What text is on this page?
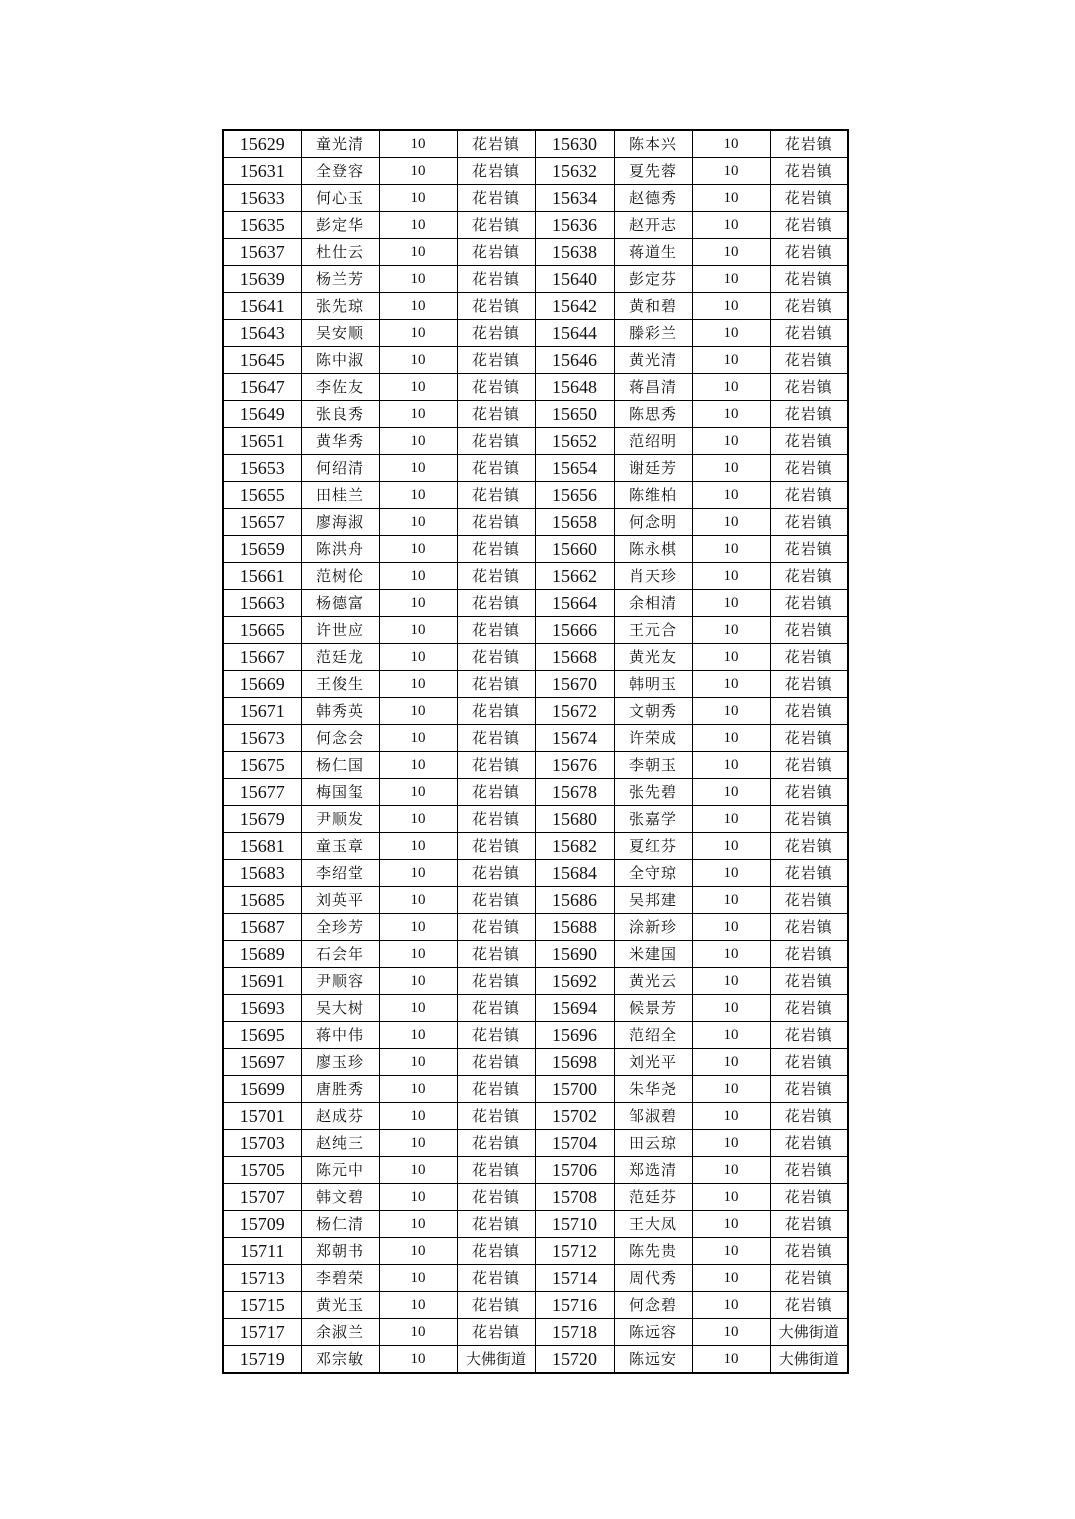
15629	童光清	10	花岩镇	15630	陈本兴	10	花岩镇
15631	全登容	10	花岩镇	15632	夏先蓉	10	花岩镇
15633	何心玉	10	花岩镇	15634	赵德秀	10	花岩镇
15635	彭定华	10	花岩镇	15636	赵开志	10	花岩镇
15637	杜仕云	10	花岩镇	15638	蒋道生	10	花岩镇
15639	杨兰芳	10	花岩镇	15640	彭定芬	10	花岩镇
15641	张先琼	10	花岩镇	15642	黄和碧	10	花岩镇
15643	吴安顺	10	花岩镇	15644	滕彩兰	10	花岩镇
15645	陈中淑	10	花岩镇	15646	黄光清	10	花岩镇
15647	李佐友	10	花岩镇	15648	蒋昌清	10	花岩镇
15649	张良秀	10	花岩镇	15650	陈思秀	10	花岩镇
15651	黄华秀	10	花岩镇	15652	范绍明	10	花岩镇
15653	何绍清	10	花岩镇	15654	谢廷芳	10	花岩镇
15655	田桂兰	10	花岩镇	15656	陈维柏	10	花岩镇
15657	廖海淑	10	花岩镇	15658	何念明	10	花岩镇
15659	陈洪舟	10	花岩镇	15660	陈永棋	10	花岩镇
15661	范树伦	10	花岩镇	15662	肖天珍	10	花岩镇
15663	杨德富	10	花岩镇	15664	余相清	10	花岩镇
15665	许世应	10	花岩镇	15666	王元合	10	花岩镇
15667	范廷龙	10	花岩镇	15668	黄光友	10	花岩镇
15669	王俊生	10	花岩镇	15670	韩明玉	10	花岩镇
15671	韩秀英	10	花岩镇	15672	文朝秀	10	花岩镇
15673	何念会	10	花岩镇	15674	许荣成	10	花岩镇
15675	杨仁国	10	花岩镇	15676	李朝玉	10	花岩镇
15677	梅国玺	10	花岩镇	15678	张先碧	10	花岩镇
15679	尹顺发	10	花岩镇	15680	张嘉学	10	花岩镇
15681	童玉章	10	花岩镇	15682	夏红芬	10	花岩镇
15683	李绍堂	10	花岩镇	15684	全守琼	10	花岩镇
15685	刘英平	10	花岩镇	15686	吴邦建	10	花岩镇
15687	全珍芳	10	花岩镇	15688	涂新珍	10	花岩镇
15689	石会年	10	花岩镇	15690	米建国	10	花岩镇
15691	尹顺容	10	花岩镇	15692	黄光云	10	花岩镇
15693	吴大树	10	花岩镇	15694	候景芳	10	花岩镇
15695	蒋中伟	10	花岩镇	15696	范绍全	10	花岩镇
15697	廖玉珍	10	花岩镇	15698	刘光平	10	花岩镇
15699	唐胜秀	10	花岩镇	15700	朱华尧	10	花岩镇
15701	赵成芬	10	花岩镇	15702	邹淑碧	10	花岩镇
15703	赵纯三	10	花岩镇	15704	田云琼	10	花岩镇
15705	陈元中	10	花岩镇	15706	郑选清	10	花岩镇
15707	韩文碧	10	花岩镇	15708	范廷芬	10	花岩镇
15709	杨仁清	10	花岩镇	15710	王大凤	10	花岩镇
15711	郑朝书	10	花岩镇	15712	陈先贵	10	花岩镇
15713	李碧荣	10	花岩镇	15714	周代秀	10	花岩镇
15715	黄光玉	10	花岩镇	15716	何念碧	10	花岩镇
15717	余淑兰	10	花岩镇	15718	陈远容	10	大佛街道
15719	邓宗敏	10	大佛街道	15720	陈远安	10	大佛街道
